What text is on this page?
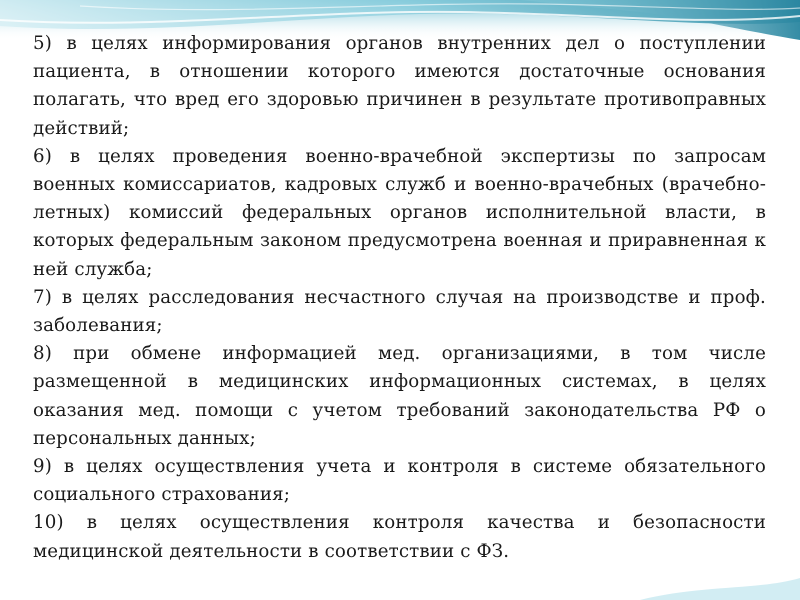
5) в целях информирования органов внутренних дел о поступлении пациента, в отношении которого имеются достаточные основания полагать, что вред его здоровью причинен в результате противоправных действий;

6) в целях проведения военно-врачебной экспертизы по запросам военных комиссариатов, кадровых служб и военно-врачебных (врачебно-летных) комиссий федеральных органов исполнительной власти, в которых федеральным законом предусмотрена военная и приравненная к ней служба;

7) в целях расследования несчастного случая на производстве и проф. заболевания;

8) при обмене информацией мед. организациями, в том числе размещенной в медицинских информационных системах, в целях оказания мед. помощи с учетом требований законодательства РФ о персональных данных;

9) в целях осуществления учета и контроля в системе обязательного социального страхования;

10) в целях осуществления контроля качества и безопасности медицинской деятельности в соответствии с ФЗ.
